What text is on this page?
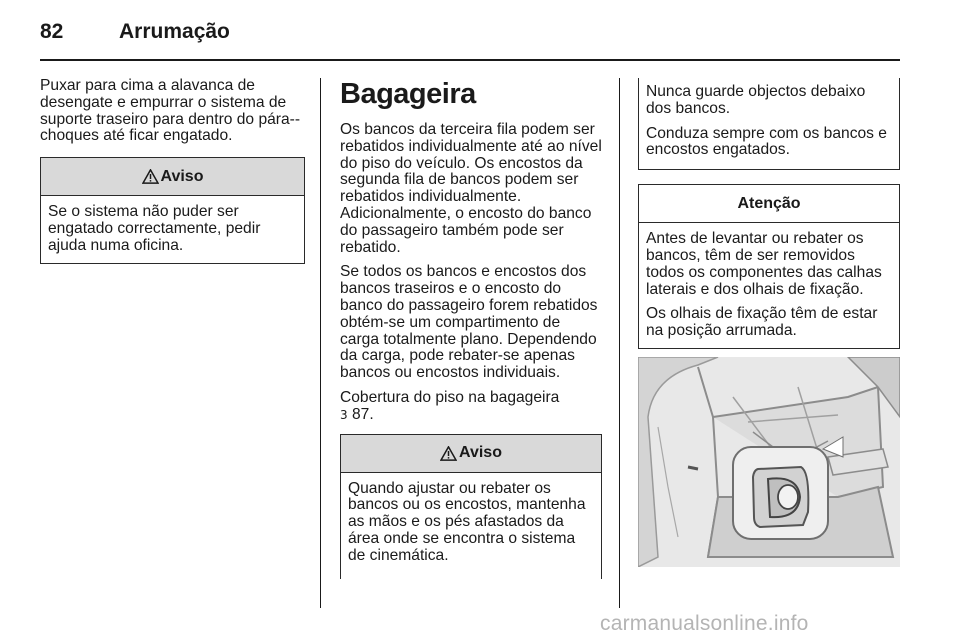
82	Arrumação

Puxar para cima a alavanca de desengate e empurrar o sistema de suporte traseiro para dentro do pára--choques até ficar engatado.

Aviso
Se o sistema não puder ser engatado correctamente, pedir ajuda numa oficina.
Bagageira

Os bancos da terceira fila podem ser rebatidos individualmente até ao nível do piso do veículo. Os encostos da segunda fila de bancos podem ser rebatidos individualmente.
Adicionalmente, o encosto do banco do passageiro também pode ser rebatido.

Se todos os bancos e encostos dos bancos traseiros e o encosto do banco do passageiro forem rebatidos obtém-se um compartimento de carga totalmente plano. Dependendo da carga, pode rebater-se apenas bancos ou encostos individuais.

Cobertura do piso na bagageira
3 87.

Aviso
Quando ajustar ou rebater os bancos ou os encostos, mantenha as mãos e os pés afastados da área onde se encontra o sistema de cinemática.

Nunca guarde objectos debaixo dos bancos.

Conduza sempre com os bancos e encostos engatados.

Atenção

Antes de levantar ou rebater os bancos, têm de ser removidos todos os componentes das calhas laterais e dos olhais de fixação.

Os olhais de fixação têm de estar na posição arrumada.

carmanualsonline.info
